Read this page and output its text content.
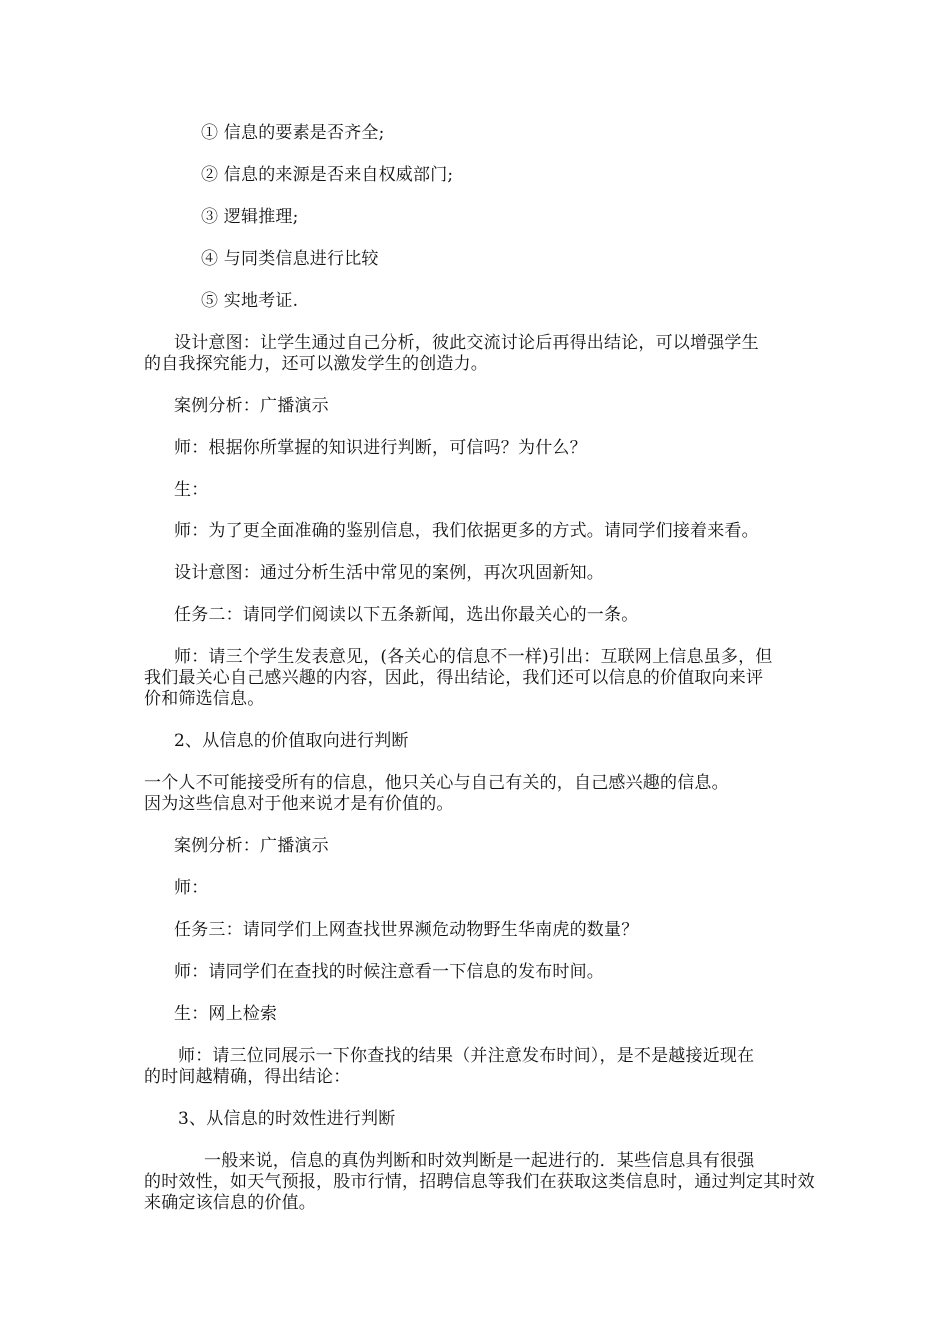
① 信息的要素是否齐全;
② 信息的来源是否来自权威部门;
③ 逻辑推理;
④ 与同类信息进行比较
⑤ 实地考证.
设计意图：让学生通过自己分析，彼此交流讨论后再得出结论，可以增强学生
的自我探究能力，还可以激发学生的创造力。
案例分析：广播演示
师：根据你所掌握的知识进行判断，可信吗？为什么？
生：
师：为了更全面准确的鉴别信息，我们依据更多的方式。请同学们接着来看。
设计意图：通过分析生活中常见的案例，再次巩固新知。
任务二：请同学们阅读以下五条新闻，选出你最关心的一条。
师：请三个学生发表意见，(各关心的信息不一样)引出：互联网上信息虽多，但
我们最关心自己感兴趣的内容，因此，得出结论，我们还可以信息的价值取向来评
价和筛选信息。
2、从信息的价值取向进行判断
一个人不可能接受所有的信息，他只关心与自己有关的，自己感兴趣的信息。
因为这些信息对于他来说才是有价值的。
案例分析：广播演示
师：
任务三：请同学们上网查找世界濒危动物野生华南虎的数量？
师：请同学们在查找的时候注意看一下信息的发布时间。
生：网上检索
师：请三位同展示一下你查找的结果（并注意发布时间），是不是越接近现在
的时间越精确，得出结论：
3、从信息的时效性进行判断
一般来说，信息的真伪判断和时效判断是一起进行的．某些信息具有很强
的时效性，如天气预报，股市行情，招聘信息等我们在获取这类信息时，通过判定其时效
来确定该信息的价值。
